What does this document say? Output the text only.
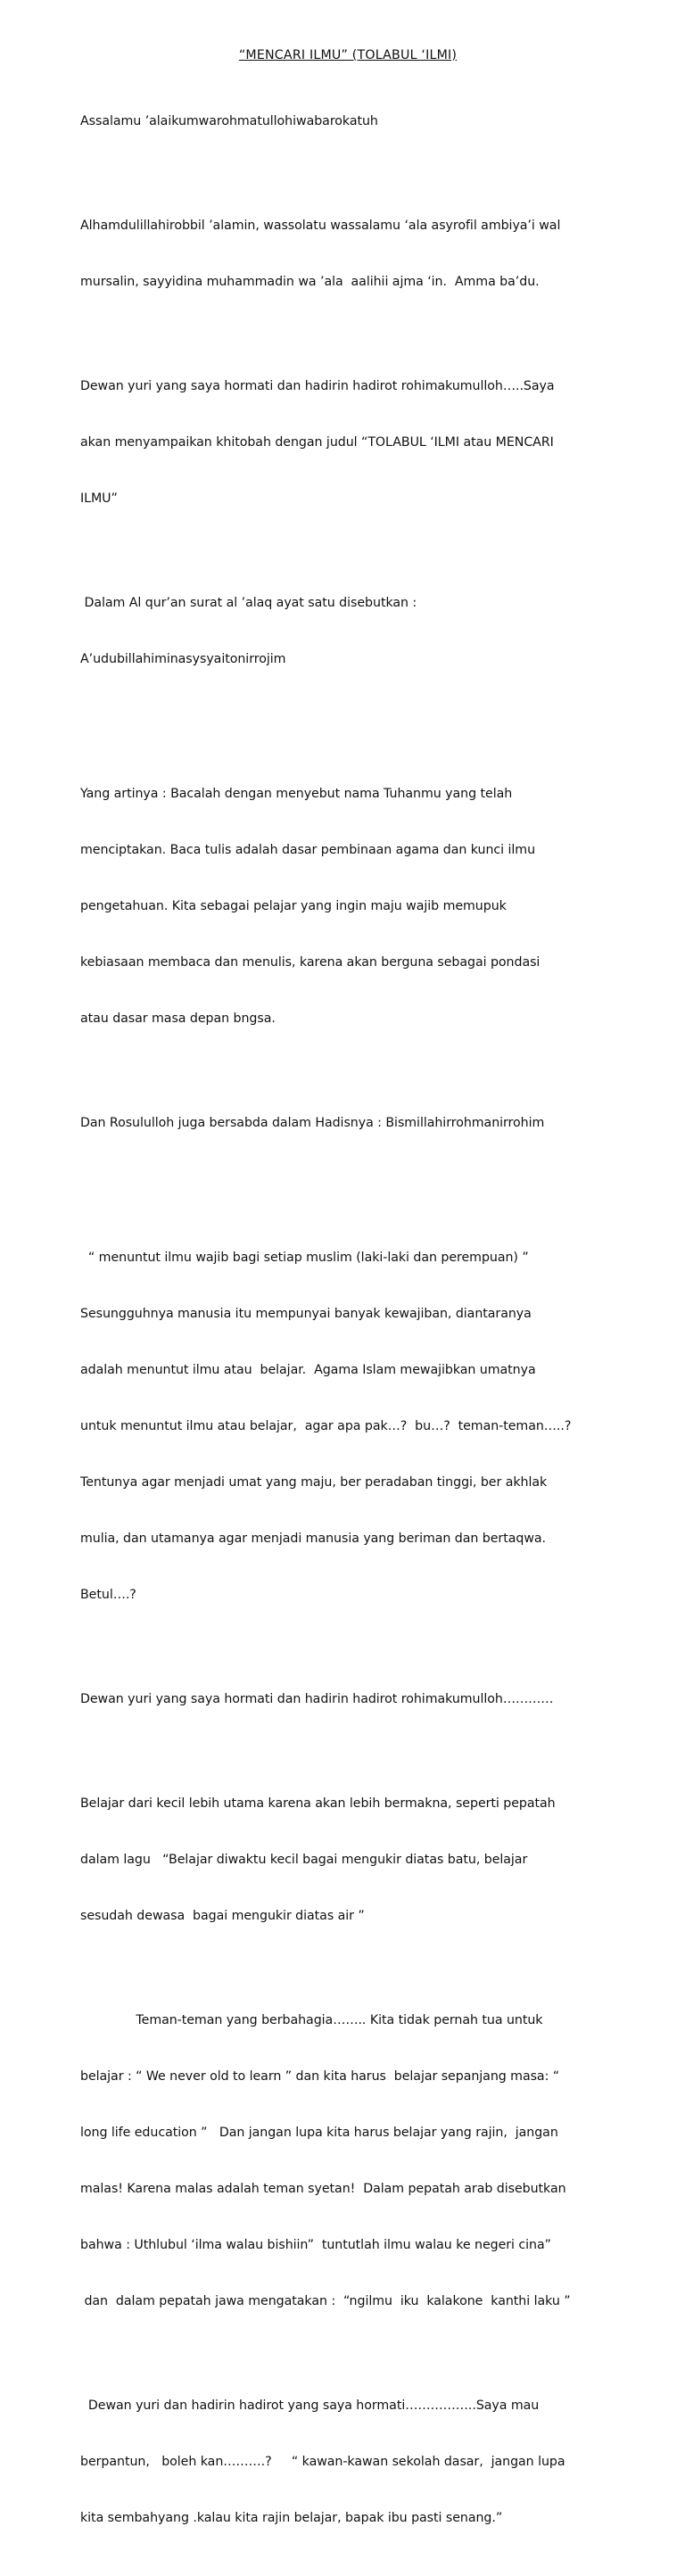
“MENCARI ILMU” (TOLABUL ‘ILMI)

Assalamu ’alaikumwarohmatullohiwabarokatuh

Alhamdulillahirobbil ’alamin, wassolatu wassalamu ‘ala asyrofil ambiya’i wal

mursalin, sayyidina muhammadin wa ’ala  aalihii ajma ‘in.  Amma ba’du.

Dewan yuri yang saya hormati dan hadirin hadirot rohimakumulloh…..Saya

akan menyampaikan khitobah dengan judul “TOLABUL ‘ILMI atau MENCARI

ILMU”

Dalam Al qur’an surat al ’alaq ayat satu disebutkan :

A’udubillahiminasysyaitonirrojim

Yang artinya : Bacalah dengan menyebut nama Tuhanmu yang telah

menciptakan. Baca tulis adalah dasar pembinaan agama dan kunci ilmu

pengetahuan. Kita sebagai pelajar yang ingin maju wajib memupuk

kebiasaan membaca dan menulis, karena akan berguna sebagai pondasi

atau dasar masa depan bngsa.

Dan Rosululloh juga bersabda dalam Hadisnya : Bismillahirrohmanirrohim

“ menuntut ilmu wajib bagi setiap muslim (laki-laki dan perempuan) ”

Sesungguhnya manusia itu mempunyai banyak kewajiban, diantaranya

adalah menuntut ilmu atau  belajar.  Agama Islam mewajibkan umatnya

untuk menuntut ilmu atau belajar,  agar apa pak…?  bu…?  teman-teman…..?

Tentunya agar menjadi umat yang maju, ber peradaban tinggi, ber akhlak

mulia, dan utamanya agar menjadi manusia yang beriman dan bertaqwa.

Betul….?

Dewan yuri yang saya hormati dan hadirin hadirot rohimakumulloh…………

Belajar dari kecil lebih utama karena akan lebih bermakna, seperti pepatah

dalam lagu   “Belajar diwaktu kecil bagai mengukir diatas batu, belajar

sesudah dewasa  bagai mengukir diatas air ”

Teman-teman yang berbahagia…….. Kita tidak pernah tua untuk

belajar : “ We never old to learn ” dan kita harus  belajar sepanjang masa: “

long life education ”   Dan jangan lupa kita harus belajar yang rajin,  jangan

malas! Karena malas adalah teman syetan!  Dalam pepatah arab disebutkan

bahwa : Uthlubul ‘ilma walau bishiin”  tuntutlah ilmu walau ke negeri cina”

dan  dalam pepatah jawa mengatakan :  “ngilmu  iku  kalakone  kanthi laku ”

Dewan yuri dan hadirin hadirot yang saya hormati……………..Saya mau

berpantun,   boleh kan……….?     “ kawan-kawan sekolah dasar,  jangan lupa

kita sembahyang .kalau kita rajin belajar, bapak ibu pasti senang.”
